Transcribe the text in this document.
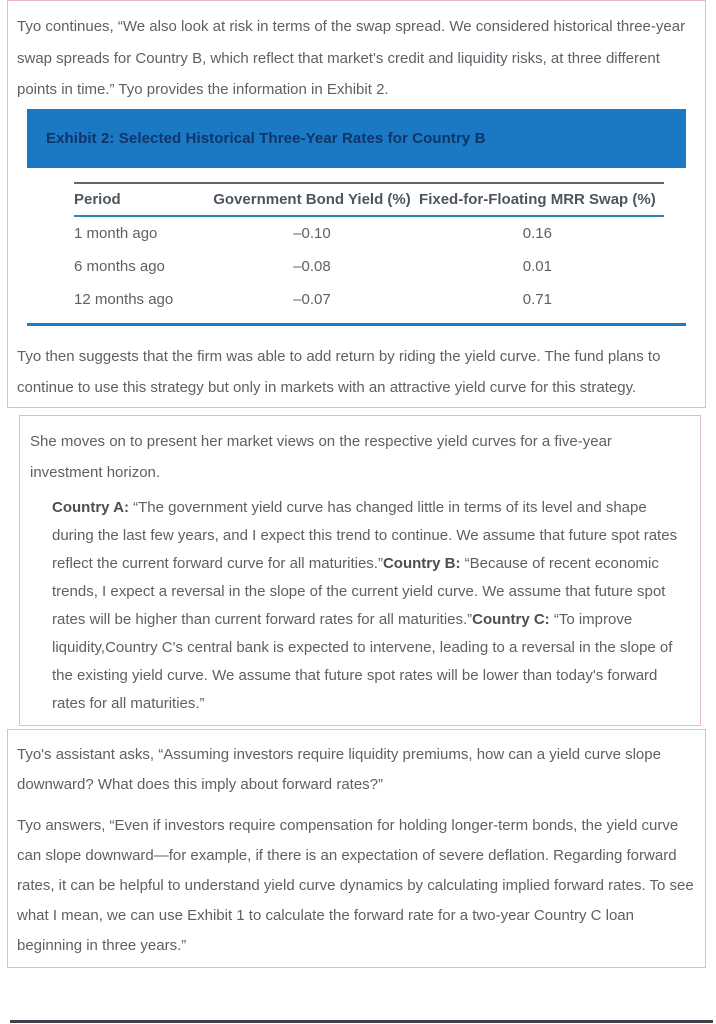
Tyo continues, “We also look at risk in terms of the swap spread. We considered historical three-year swap spreads for Country B, which reflect that market's credit and liquidity risks, at three different points in time.” Tyo provides the information in Exhibit 2.

Exhibit 2: Selected Historical Three-Year Rates for Country B
Period	Government Bond Yield (%)	Fixed-for-Floating MRR Swap (%)
1 month ago	–0.10	0.16
6 months ago	–0.08	0.01
12 months ago	–0.07	0.71

Tyo then suggests that the firm was able to add return by riding the yield curve. The fund plans to continue to use this strategy but only in markets with an attractive yield curve for this strategy.

She moves on to present her market views on the respective yield curves for a five-year investment horizon.

Country A: “The government yield curve has changed little in terms of its level and shape during the last few years, and I expect this trend to continue. We assume that future spot rates reflect the current forward curve for all maturities.”Country B: “Because of recent economic trends, I expect a reversal in the slope of the current yield curve. We assume that future spot rates will be higher than current forward rates for all maturities.”Country C: “To improve liquidity,Country C's central bank is expected to intervene, leading to a reversal in the slope of the existing yield curve. We assume that future spot rates will be lower than today's forward rates for all maturities.”

Tyo's assistant asks, “Assuming investors require liquidity premiums, how can a yield curve slope downward? What does this imply about forward rates?”

Tyo answers, “Even if investors require compensation for holding longer-term bonds, the yield curve can slope downward—for example, if there is an expectation of severe deflation. Regarding forward rates, it can be helpful to understand yield curve dynamics by calculating implied forward rates. To see what I mean, we can use Exhibit 1 to calculate the forward rate for a two-year Country C loan beginning in three years.”
